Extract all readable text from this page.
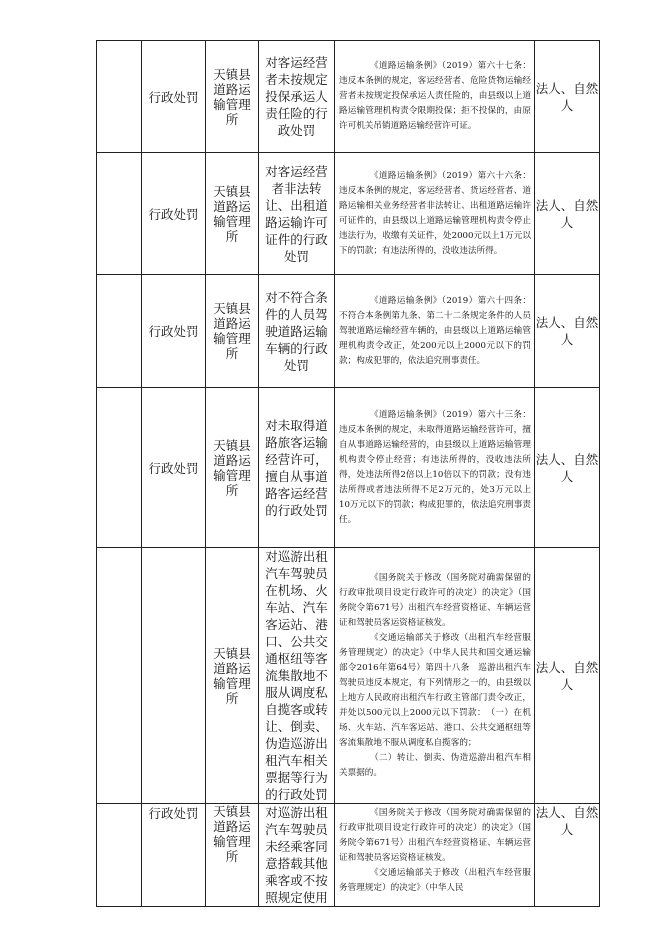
	行政处罚	天镇县道路运输管理所	对客运经营者未按规定投保承运人责任险的行政处罚	《道路运输条例》（2019）第六十七条：违反本条例的规定，客运经营者、危险货物运输经营者未按规定投保承运人责任险的，由县级以上道路运输管理机构责令限期投保；拒不投保的，由原许可机关吊销道路运输经营许可证。	法人、自然人
	行政处罚	天镇县道路运输管理所	对客运经营者非法转让、出租道路运输许可证件的行政处罚	《道路运输条例》（2019）第六十六条：违反本条例的规定，客运经营者、货运经营者、道路运输相关业务经营者非法转让、出租道路运输许可证件的，由县级以上道路运输管理机构责令停止违法行为，收缴有关证件，处2000元以上1万元以下的罚款；有违法所得的，没收违法所得。	法人、自然人
	行政处罚	天镇县道路运输管理所	对不符合条件的人员驾驶道路运输车辆的行政处罚	《道路运输条例》（2019）第六十四条：不符合本条例第九条、第二十二条规定条件的人员驾驶道路运输经营车辆的，由县级以上道路运输管理机构责令改正，处200元以上2000元以下的罚款；构成犯罪的，依法追究刑事责任。	法人、自然人
	行政处罚	天镇县道路运输管理所	对未取得道路旅客运输经营许可，擅自从事道路客运经营的行政处罚	《道路运输条例》（2019）第六十三条：违反本条例的规定，未取得道路运输经营许可，擅自从事道路运输经营的，由县级以上道路运输管理机构责令停止经营；有违法所得的，没收违法所得，处违法所得2倍以上10倍以下的罚款；没有违法所得或者违法所得不足2万元的，处3万元以上10万元以下的罚款；构成犯罪的，依法追究刑事责任。	法人、自然人
		天镇县道路运输管理所	对巡游出租汽车驾驶员在机场、火车站、汽车客运站、港口、公共交通枢纽等客流集散地不服从调度私自揽客或转让、倒卖、伪造巡游出租汽车相关票据等行为的行政处罚	《国务院关于修改（国务院对确需保留的行政审批项目设定行政许可的决定）的决定》（国务院令第671号）出租汽车经营资格证、车辆运营证和驾驶员客运资格证核发。

《交通运输部关于修改（出租汽车经营服务管理规定）的决定》（中华人民共和国交通运输部令2016年第64号）第四十八条　巡游出租汽车驾驶员违反本规定，有下列情形之一的，由县级以上地方人民政府出租汽车行政主管部门责令改正，并处以500元以上2000元以下罚款：　（一）在机场、火车站、汽车客运站、港口、公共交通枢纽等客流集散地不服从调度私自揽客的；

（二）转让、倒卖、伪造巡游出租汽车相关票据的。	法人、自然人
	行政处罚	天镇县道路运输管理所	对巡游出租汽车驾驶员未经乘客同意搭载其他乘客或不按照规定使用	《国务院关于修改（国务院对确需保留的行政审批项目设定行政许可的决定）的决定》（国务院令第671号）出租汽车经营资格证、车辆运营证和驾驶员客运资格证核发。

《交通运输部关于修改（出租汽车经营服务管理规定）的决定》（中华人民	法人、自然人
